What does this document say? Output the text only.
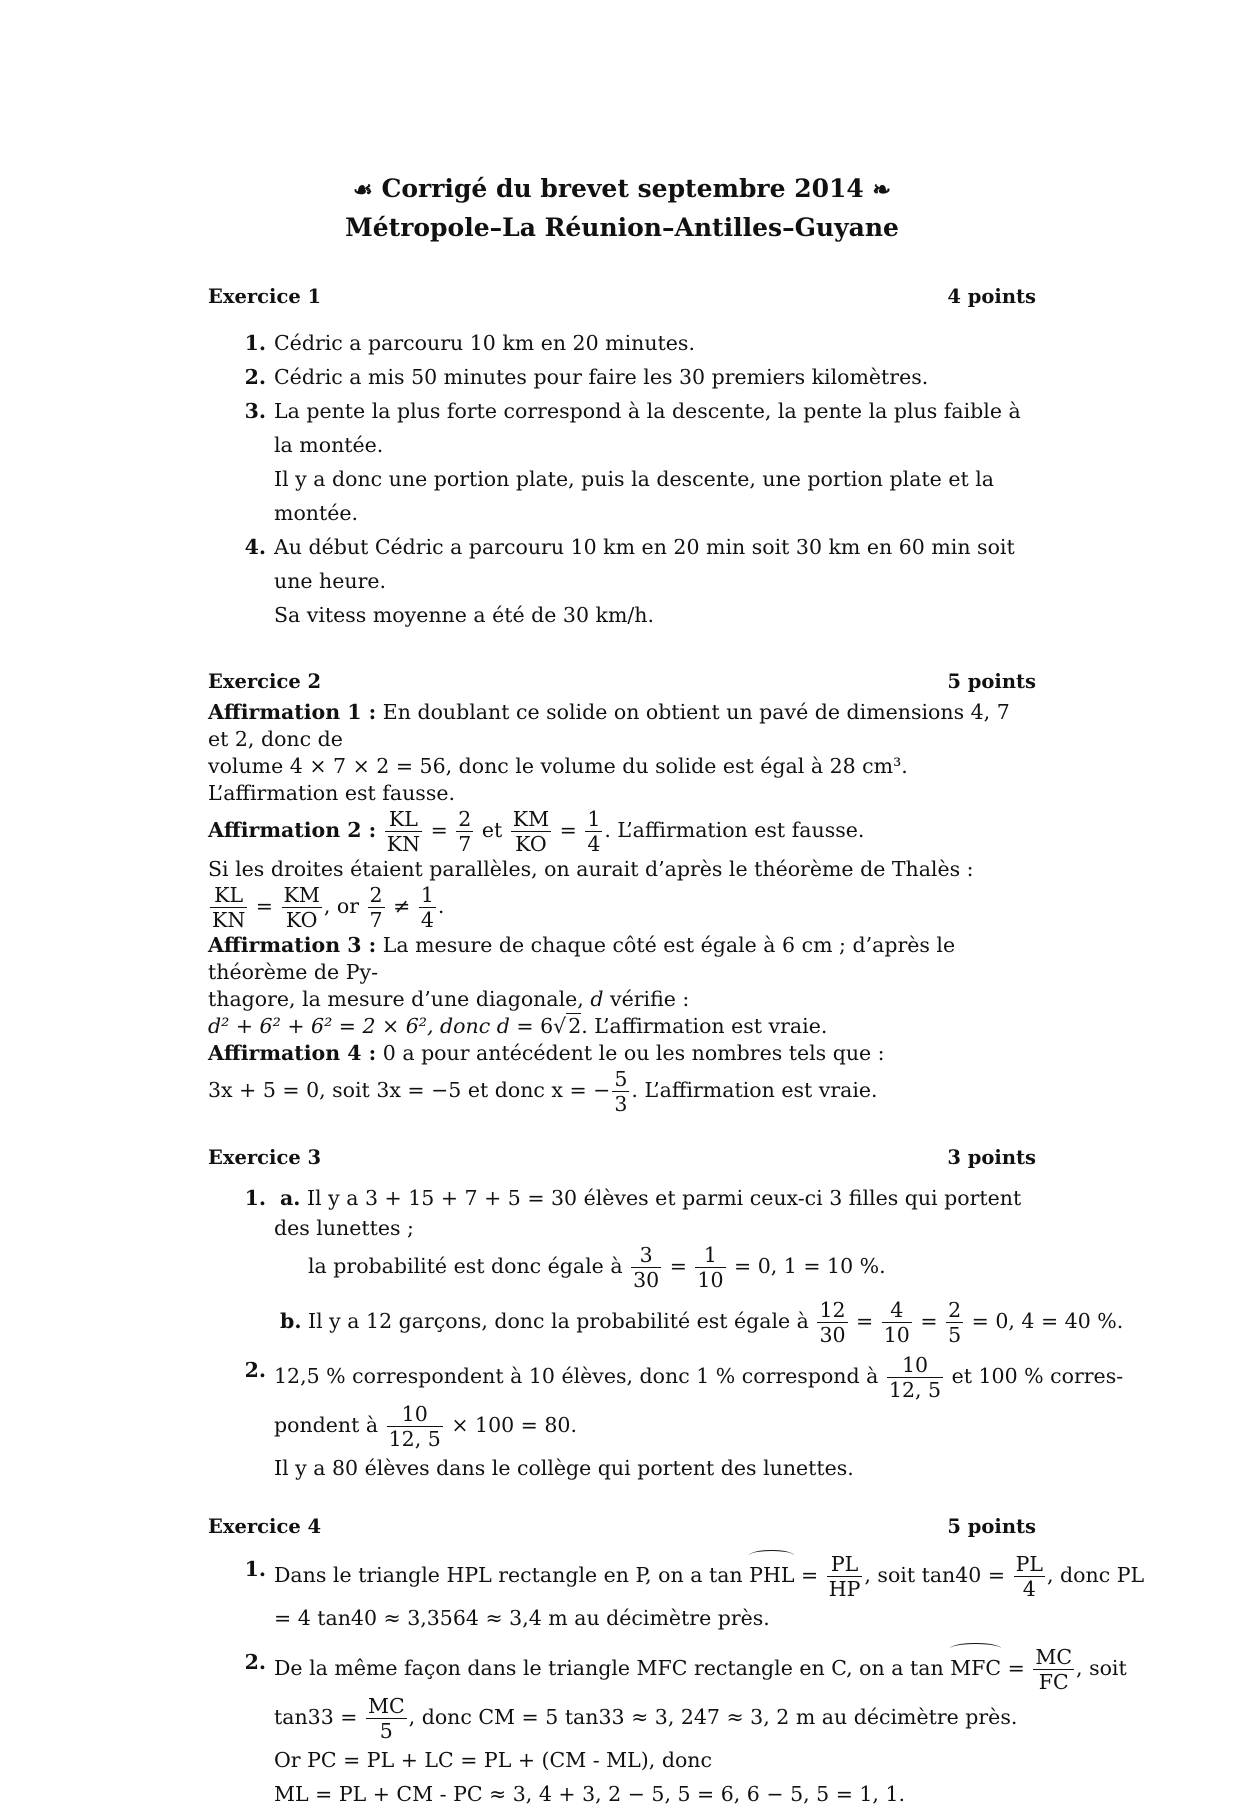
☙ Corrigé du brevet septembre 2014 ❧
Métropole–La Réunion–Antilles–Guyane
Exercice 1	4 points
1. Cédric a parcouru 10 km en 20 minutes.
2. Cédric a mis 50 minutes pour faire les 30 premiers kilomètres.
3. La pente la plus forte correspond à la descente, la pente la plus faible à la montée.
Il y a donc une portion plate, puis la descente, une portion plate et la montée.
4. Au début Cédric a parcouru 10 km en 20 min soit 30 km en 60 min soit une heure.
Sa vitess moyenne a été de 30 km/h.
Exercice 2	5 points
Affirmation 1 : En doublant ce solide on obtient un pavé de dimensions 4, 7 et 2, donc de
volume 4 × 7 × 2 = 56, donc le volume du solide est égal à 28 cm³. L’affirmation est fausse.
Affirmation 2 : $\frac{KL}{KN} = \frac{2}{7}$ et $\frac{KM}{KO} = \frac{1}{4}$ . L’affirmation est fausse.
Si les droites étaient parallèles, on aurait d’après le théorème de Thalès :
$\frac{KL}{KN} = \frac{KM}{KO}$ , or $\frac{2}{7} \ne \frac{1}{4}$ .
Affirmation 3 : La mesure de chaque côté est égale à 6 cm ; d’après le théorème de Py-
thagore, la mesure d’une diagonale, d vérifie :
d² + 6² + 6² = 2 × 6², donc d = 6√2. L’affirmation est vraie.
Affirmation 4 : 0 a pour antécédent le ou les nombres tels que :
3x + 5 = 0, soit 3x = −5 et donc x = − $\frac{5}{3}$ . L’affirmation est vraie.
Exercice 3	3 points
1. a. Il y a 3 + 15 + 7 + 5 = 30 élèves et parmi ceux-ci 3 filles qui portent des lunettes ;
la probabilité est donc égale à $\frac{3}{30} = \frac{1}{10} = 0$, 1 = 10 %.
b. Il y a 12 garçons, donc la probabilité est égale à $\frac{12}{30} = \frac{4}{10} = \frac{2}{5} = 0$, 4 = 40 %.
2. 12,5 % correspondent à 10 élèves, donc 1 % correspond à $\frac{10}{12, 5}$ et 100 % corres-
pondent à $\frac{10}{12, 5} \times 100 = 80$.
Il y a 80 élèves dans le collège qui portent des lunettes.
Exercice 4	5 points
1. Dans le triangle HPL rectangle en P, on a tan PHL = $\frac{PL}{HP}$ , soit $\tan 40 = \frac{PL}{4}$ , donc PL
= 4 tan40 ≈ 3,3564 ≈ 3,4 m au décimètre près.
2. De la même façon dans le triangle MFC rectangle en C, on a tan MFC = $\frac{MC}{FC}$ , soit
$\tan 33 = \frac{MC}{5}$ , donc CM = 5 tan33 ≈ 3, 247 ≈ 3, 2 m au décimètre près.
Or PC = PL + LC = PL + (CM - ML), donc
ML = PL + CM - PC ≈ 3, 4 + 3, 2 − 5, 5 = 6, 6 − 5, 5 = 1, 1.
